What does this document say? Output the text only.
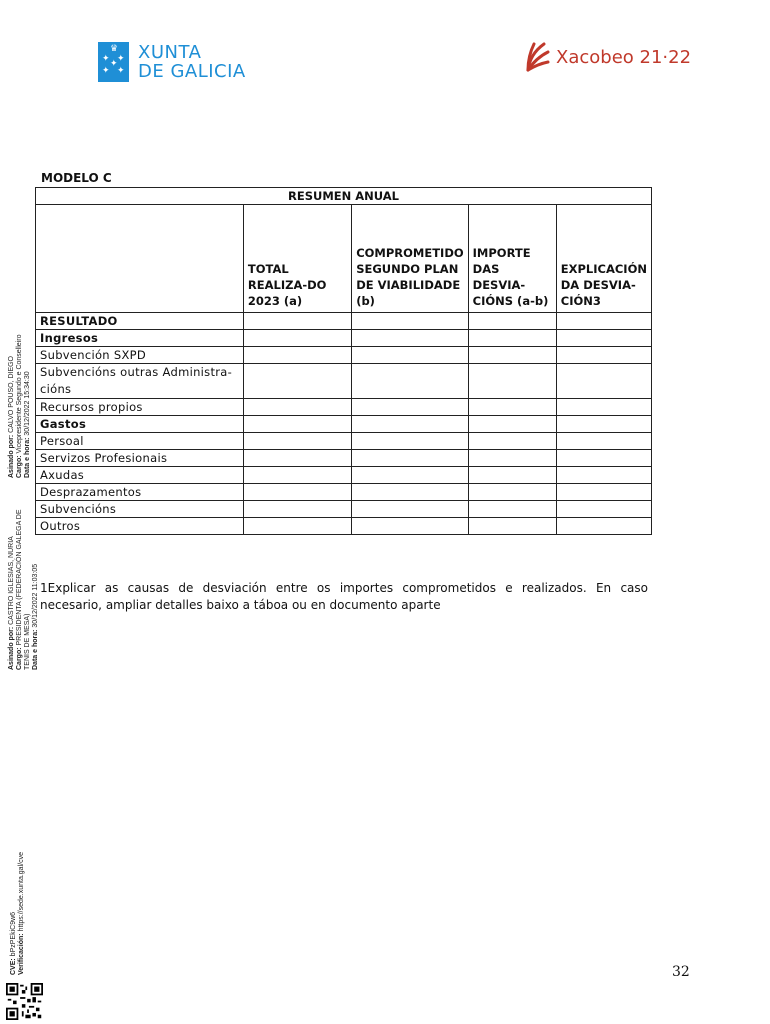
♛
✦ ✦
✦
✦ ✦
XUNTA
DE GALICIA
Xacobeo 21·22
Asinado por: CALVO POUSO, DIEGO
Cargo: Vicepresidente Segundo e Conselleiro
Data e hora: 30/12/2022 15:34:30
Asinado por: CASTRO IGLESIAS, NURIA
Cargo: PRESIDENTA (FEDERACIÓN GALEGA DE TENIS DE MESA) Data e hora: 30/12/2022 11:03:05
CVE: bPzPEkiC9w6 Verificación: https://sede.xunta.gal/cve
MODELO C
RESUMEN ANUAL				
	TOTAL REALIZA-DO 2023 (a)	COMPROMETIDO SEGUNDO PLAN DE VIABILIDADE (b)	IMPORTE DAS DESVIA-CIÓNS (a-b)	EXPLICACIÓN DA DESVIA-CIÓN3
RESULTADO				
Ingresos				
Subvención SXPD				
Subvencións outras Administra-cións				
Recursos propios				
Gastos				
Persoal				
Servizos Profesionais				
Axudas				
Desprazamentos				
Subvencións				
Outros				
1Explicar as causas de desviación entre os importes comprometidos e realizados. En caso necesario, ampliar detalles baixo a táboa ou en documento aparte
32
